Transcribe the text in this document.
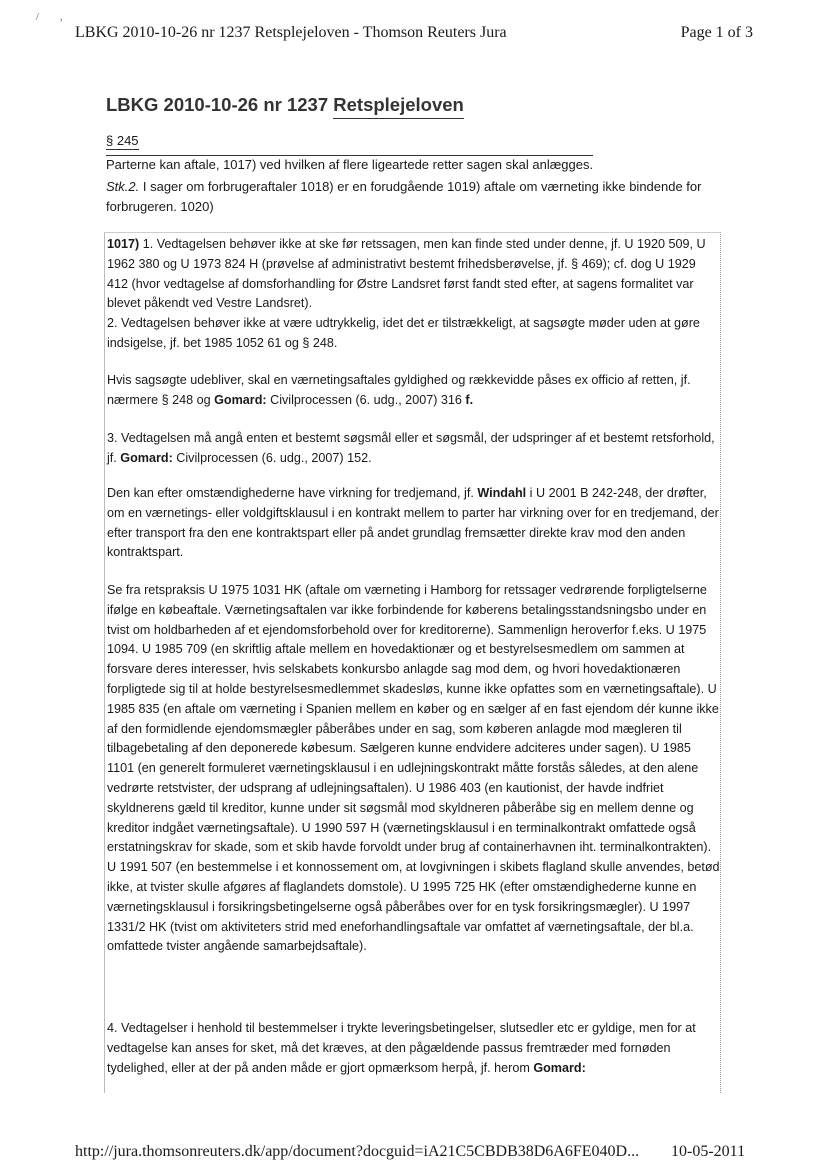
/ ,
LBKG 2010-10-26 nr 1237 Retsplejeloven - Thomson Reuters Jura	Page 1 of 3
LBKG 2010-10-26 nr 1237 Retsplejeloven
§ 245
Parterne kan aftale, 1017) ved hvilken af flere ligeartede retter sagen skal anlægges.
Stk.2. I sager om forbrugeraftaler 1018) er en forudgående 1019) aftale om værneting ikke bindende for forbrugeren. 1020)
1017) 1. Vedtagelsen behøver ikke at ske før retssagen, men kan finde sted under denne, jf. U 1920 509, U 1962 380 og U 1973 824 H (prøvelse af administrativt bestemt frihedsberøvelse, jf. § 469); cf. dog U 1929 412 (hvor vedtagelse af domsforhandling for Østre Landsret først fandt sted efter, at sagens formalitet var blevet påkendt ved Vestre Landsret).
2. Vedtagelsen behøver ikke at være udtrykkelig, idet det er tilstrækkeligt, at sagsøgte møder uden at gøre indsigelse, jf. bet 1985 1052 61 og § 248.
Hvis sagsøgte udebliver, skal en værnetingsaftales gyldighed og rækkevidde påses ex officio af retten, jf. nærmere § 248 og Gomard: Civilprocessen (6. udg., 2007) 316 f.
3. Vedtagelsen må angå enten et bestemt søgsmål eller et søgsmål, der udspringer af et bestemt retsforhold, jf. Gomard: Civilprocessen (6. udg., 2007) 152.
Den kan efter omstændighederne have virkning for tredjemand, jf. Windahl i U 2001 B 242-248, der drøfter, om en værnetings- eller voldgiftsklausul i en kontrakt mellem to parter har virkning over for en tredjemand, der efter transport fra den ene kontraktspart eller på andet grundlag fremsætter direkte krav mod den anden kontraktspart.
Se fra retspraksis U 1975 1031 HK (aftale om værneting i Hamborg for retssager vedrørende forpligtelserne ifølge en købeaftale. Værnetingsaftalen var ikke forbindende for køberens betalingsstandsningsbo under en tvist om holdbarheden af et ejendomsforbehold over for kreditorerne). Sammenlign heroverfor f.eks. U 1975 1094. U 1985 709 (en skriftlig aftale mellem en hovedaktionær og et bestyrelsesmedlem om sammen at forsvare deres interesser, hvis selskabets konkursbo anlagde sag mod dem, og hvori hovedaktionæren forpligtede sig til at holde bestyrelsesmedlemmet skadesløs, kunne ikke opfattes som en værnetingsaftale). U 1985 835 (en aftale om værneting i Spanien mellem en køber og en sælger af en fast ejendom dér kunne ikke af den formidlende ejendomsmægler påberåbes under en sag, som køberen anlagde mod mægleren til tilbagebetaling af den deponerede købesum. Sælgeren kunne endvidere adciteres under sagen). U 1985 1101 (en generelt formuleret værnetingsklausul i en udlejningskontrakt måtte forstås således, at den alene vedrørte retstvister, der udsprang af udlejningsaftalen). U 1986 403 (en kautionist, der havde indfriet skyldnerens gæld til kreditor, kunne under sit søgsmål mod skyldneren påberåbe sig en mellem denne og kreditor indgået værnetingsaftale). U 1990 597 H (værnetingsklausul i en terminalkontrakt omfattede også erstatningskrav for skade, som et skib havde forvoldt under brug af containerhavnen iht. terminalkontrakten). U 1991 507 (en bestemmelse i et konnossement om, at lovgivningen i skibets flagland skulle anvendes, betød ikke, at tvister skulle afgøres af flaglandets domstole). U 1995 725 HK (efter omstændighederne kunne en værnetingsklausul i forsikringsbetingelserne også påberåbes over for en tysk forsikringsmægler). U 1997 1331/2 HK (tvist om aktiviteters strid med eneforhandlingsaftale var omfattet af værnetingsaftale, der bl.a. omfattede tvister angående samarbejdsaftale).
4. Vedtagelser i henhold til bestemmelser i trykte leveringsbetingelser, slutsedler etc er gyldige, men for at vedtagelse kan anses for sket, må det kræves, at den pågældende passus fremtræder med fornøden tydelighed, eller at der på anden måde er gjort opmærksom herpå, jf. herom Gomard:
http://jura.thomsonreuters.dk/app/document?docguid=iA21C5CBDB38D6A6FE040D... 10-05-2011
